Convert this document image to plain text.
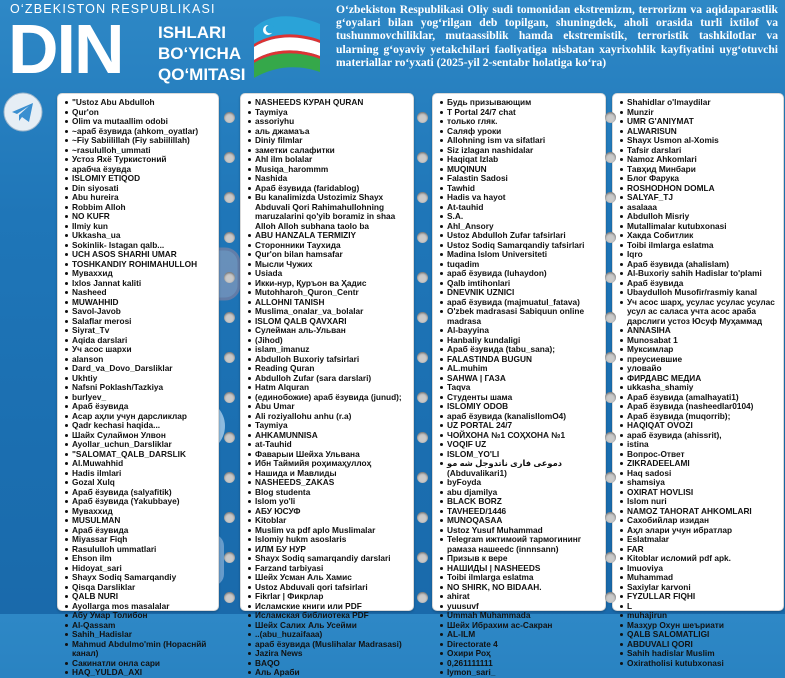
O‘ZBEKISTON RESPUBLIKASI
DIN ISHLARI
BO‘YICHA
QO‘MITASI
O‘zbekiston Respublikasi Oliy sudi tomonidan ekstremizm, terrorizm va aqidaparastlik g‘oyalari bilan yog‘rilgan deb topilgan, shuningdek, aholi orasida turli ixtilof va tushunmovchiliklar, mutaassiblik hamda ekstremistik, terroristik tashkilotlar va ularning g‘oyaviy yetakchilari faoliyatiga nisbatan xayrixohlik kayfiyatini uyg‘otuvchi materiallar ro‘yxati (2025-yil 2-sentabr holatiga ko‘ra)
"Ustoz Abu Abdulloh
Qur'on
Olim va mutaallim odobi
~араб ёзувида (ahkom_oyatlar)
~Fiy Sabiilillah (Fiy sabiilillah)
~rasululloh_ummati
Устоз Яхё Туркистоний
арабча ёзувда
ISLOMIY ETIQOD
Din siyosati
Abu hureira
Robbim Alloh
NO KUFR
Ilmiy kun
Ukkasha_ua
Sokinlik- Istagan qalb...
UCH ASOS SHARHI UMAR
TOSHKANDIY ROHIMAHULLOH
Мувахxид
Ixlos Jannat kaliti
Nasheed
MUWAHHID
Savol-Javob
Salaflar merosi
Siyrat_Tv
Aqida darslari
Уч асос шархи
alanson
Dard_va_Dovo_Darsliklar
Ukhtiy
Nafsni Poklash/Tazkiya
burlyev_
Араб ёзувида
Асар аҳли учун дарсликлар
Qadr kechasi haqida...
Шайх Сулаймон Улвон
Ayollar_uchun_Darsliklar
"SALOMAT_QALB_DARSLIK
Al.Muwahhid
Hadis ilmlari
Gozal Xulq
Араб ёзувида (salyafitik)
Араб ёзувида (Yakubbaye)
Мувахxид
MUSULMAN
Араб ёзувида
Miyassar Fiqh
Rasululloh ummatlari
Ehson ilm
Hidoyat_sari
Shayx Sodiq Samarqandiy
Qisqa Darsliklar
QALB NURI
Ayollarga mos masalalar
Абу Умар Толибон
Al-Qassam
Sahih_Hadislar
Mahmud Abdulmo'min (Нораснйй канал)
Сакинатли онла сари
HAQ_YULDA_AXI
NASHEEDS КУРАН QURAN
Taymiya
assoriyhu
аль джамаъа
Diniy filmlar
заметки салафитки
Ahl ilm bolalar
Musiqa_harommm
Nashida
Араб ёзувида (faridablog)
Bu kanalimizda Ustozimiz Shayx Abduvali Qori Rahimahullohning maruzalarini qo'yib boramiz in shaa Alloh Alloh subhana taolo ba
ABU HANZALA TERMIZIY
Сторонники Таухида
Qur'on bilan hamsafar
Мысли Чужих
Usiada
Икки-нур, Қуръон ва Ҳадис
Mutohharoh_Quron_Centr
ALLOHNI TANISH
Muslima_onalar_va_bolalar
ISLOM QALB QAVXARI
Сулейман аль-Ульван
(Jihod)
islam_imanuz
Abdulloh Buxoriy tafsirlari
Reading Quran
Abdulloh Zufar (sara darslari)
Hatm Alquran
(единобожие) араб ёзувида (junud);
Abu Umar
Ali roziyallohu anhu (r.a)
Taymiya
AHKAMUNNISA
at-Tauhid
Фаварыи Шейха Ульвана
Ибн Таймийя роҳимаҳуллоҳ
Нашида и Мавлиды
NASHEEDS_ZAKAS
Blog studenta
Islom yo'li
АБУ ЮСУФ
Kitoblar
Muslim va pdf aplo Muslimalar
Islomiy hukm asoslaris
ИЛМ БУ НУР
Shayx Sodiq samarqandiy darslari
Farzand tarbiyasi
Шейх Усман Аль Хамис
Ustoz Abduvali qori tafsirlari
Fikrlar | Фикрлар
Исламские книги или PDF
Исламская библиотека PDF
Шейх Салих Аль Усейми
..(abu_huzaifaaa)
араб ёзувида (Muslihalar Madrasasi)
Jazira News
BAQO
Аль Араби
Будь призывающим
T Portal 24/7 chat
только гляк.
Саляф уроки
Allohning ism va sifatlari
Siz izlagan nashidalar
Haqiqat Izlab
MUQINUN
Falastin Sadosi
Tawhid
Hadis va hayot
At-tauhid
S.A.
Ahl_Ansory
Ustoz Abdulloh Zufar tafsirlari
Ustoz Sodiq Samarqandiy tafsirlari
Madina Islom Universiteti
tuqadim
араб ёзувида (luhaydon)
Qalb imtihonlari
DNEVNIK UZNICI
араб ёзувида (majmuatul_fatava)
O'zbek madrasasi Sabiquun online madrasa
Al-bayyina
Hanbaliy kundaligi
Араб ёзувида (tabu_sana);
FALASTINDA BUGUN
AL.muhim
SAHWA | ГАЗА
Taqva
Студенты шама
ISLOMIY ODOB
араб ёзувида (kanalisIlomO4)
UZ PORTAL 24/7
ЧОЙХОНА №1 СОҲХОНА №1
VOQIF UZ
ISLOM_YO'LI
دموعی فاری ناتدوجل شه مو (Abduvalikari1)
byFoyda
abu djamilya
BLACK BORZ
TAVHEED/1446
MUNOQASAA
Ustoz Yusuf Muhammad
Telegram ижтимоий тармогининг рамаза нашееdс (innnsann)
Призыв к вере
НАШИДЫ | NASHEEDS
Toibi ilmlarga eslatma
NO SHIRK, NO BIDAAH.
ahirat
yuusuvf
Ummah Muhammada
Шейх Ибрахим ас-Сакран
AL-ILM
Directorate 4
Охири Роҳ
0,261111111
Iymon_sari_
Shahidlar o'lmaydilar
Munzir
UMR G'ANIYMAT
ALWARISUN
Shayx Usmon al-Xomis
Tafsir darslari
Namoz Ahkomlari
Тавҳид Минбари
Блог Фарука
ROSHODHON DOMLA
SALYAF_TJ
asalaaa
Abdulloh Misriy
Mutallimalar kutubxonasi
Хакда Собитлик
Toibi ilmlarga eslatma
Iqro
Араб ёзувида (ahalislam)
Al-Buxoriy sahih Hadislar to'plami
Араб ёзувида
Ubaydulloh Musofir/rasmiy kanal
Уч асос шарҳ, усулас усулас усулас усул ас саласа учта асос араба дарслиги устоз Юсуф Муҳаммад
ANNASIHA
Munosabat 1
Муксимлар
преусиевшие
уловайо
ФИРДАВС МЕДИА
ukkasha_shamiy
Араб ёзувида (amalhayati1)
Араб ёзувида (nasheedlar0104)
Араб ёзувида (muqorrib);
HAQIQAT OVOZI
араб ёзувида (ahissrit),
istina
Вопрос-Ответ
ZIKRADEELAMI
Haq sadosi
shamsiya
OXIRAT HOVLISI
Islom nuri
NAMOZ TAHORAT AHKOMLARI
Сахобийлар изидан
Аҳл элари учун ибратлар
Eslatmalar
FAR
Kitoblar исломий pdf apk.
Imuoviya
Muhammad
Saxiylar karvoni
FYZULLAR FIQHI
L
muhajirun
Мазҳур Охун шеъриати
QALB SALOMATLIGI
ABDUVALI QORI
Sahih hadislar Muslim
Oxiratholisi kutubxonasi
